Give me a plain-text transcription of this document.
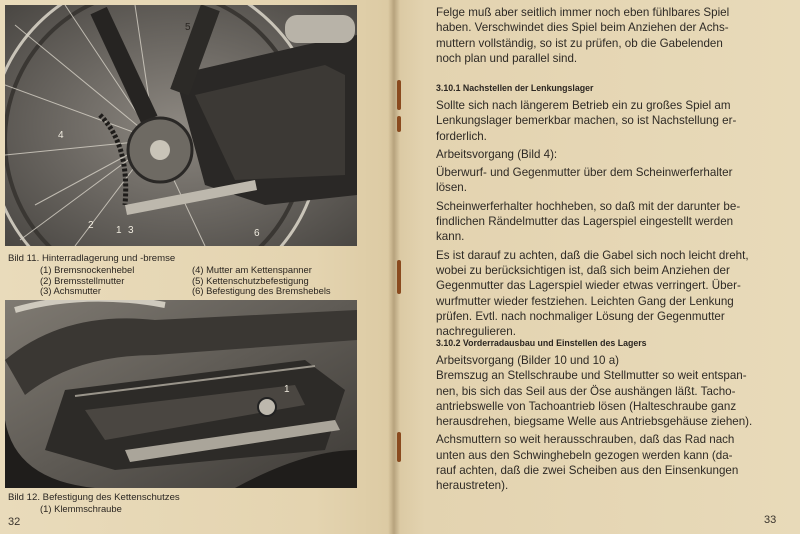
5
4
2 1 3	6
Bild 11. Hinterradlagerung und -bremse
(1) Bremsnockenhebel
(2) Bremsstellmutter
(3) Achsmutter
(4) Mutter am Kettenspanner
(5) Kettenschutzbefestigung
(6) Befestigung des Bremshebels
1
Bild 12. Befestigung des Kettenschutzes
(1) Klemmschraube
32

Felge muß aber seitlich immer noch eben fühlbares Spiel

haben. Verschwindet dies Spiel beim Anziehen der Achs-

muttern vollständig, so ist zu prüfen, ob die Gabelenden

noch plan und parallel sind.

3.10.1 Nachstellen der Lenkungslager

Sollte sich nach längerem Betrieb ein zu großes Spiel am

Lenkungslager bemerkbar machen, so ist Nachstellung er-

forderlich.

Arbeitsvorgang (Bild 4):

Überwurf- und Gegenmutter über dem Scheinwerferhalter

lösen.

Scheinwerferhalter hochheben, so daß mit der darunter be-

findlichen Rändelmutter das Lagerspiel eingestellt werden

kann.

Es ist darauf zu achten, daß die Gabel sich noch leicht dreht,

wobei zu berücksichtigen ist, daß sich beim Anziehen der

Gegenmutter das Lagerspiel wieder etwas verringert. Über-

wurfmutter wieder festziehen. Leichten Gang der Lenkung

prüfen. Evtl. nach nochmaliger Lösung der Gegenmutter

nachregulieren.

3.10.2 Vorderradausbau und Einstellen des Lagers

Arbeitsvorgang (Bilder 10 und 10 a)

Bremszug an Stellschraube und Stellmutter so weit entspan-

nen, bis sich das Seil aus der Öse aushängen läßt. Tacho-

antriebswelle von Tachoantrieb lösen (Halteschraube ganz

herausdrehen, biegsame Welle aus Antriebsgehäuse ziehen).

Achsmuttern so weit herausschrauben, daß das Rad nach

unten aus den Schwinghebeln gezogen werden kann (da-

rauf achten, daß die zwei Scheiben aus den Einsenkungen

heraustreten).

33
